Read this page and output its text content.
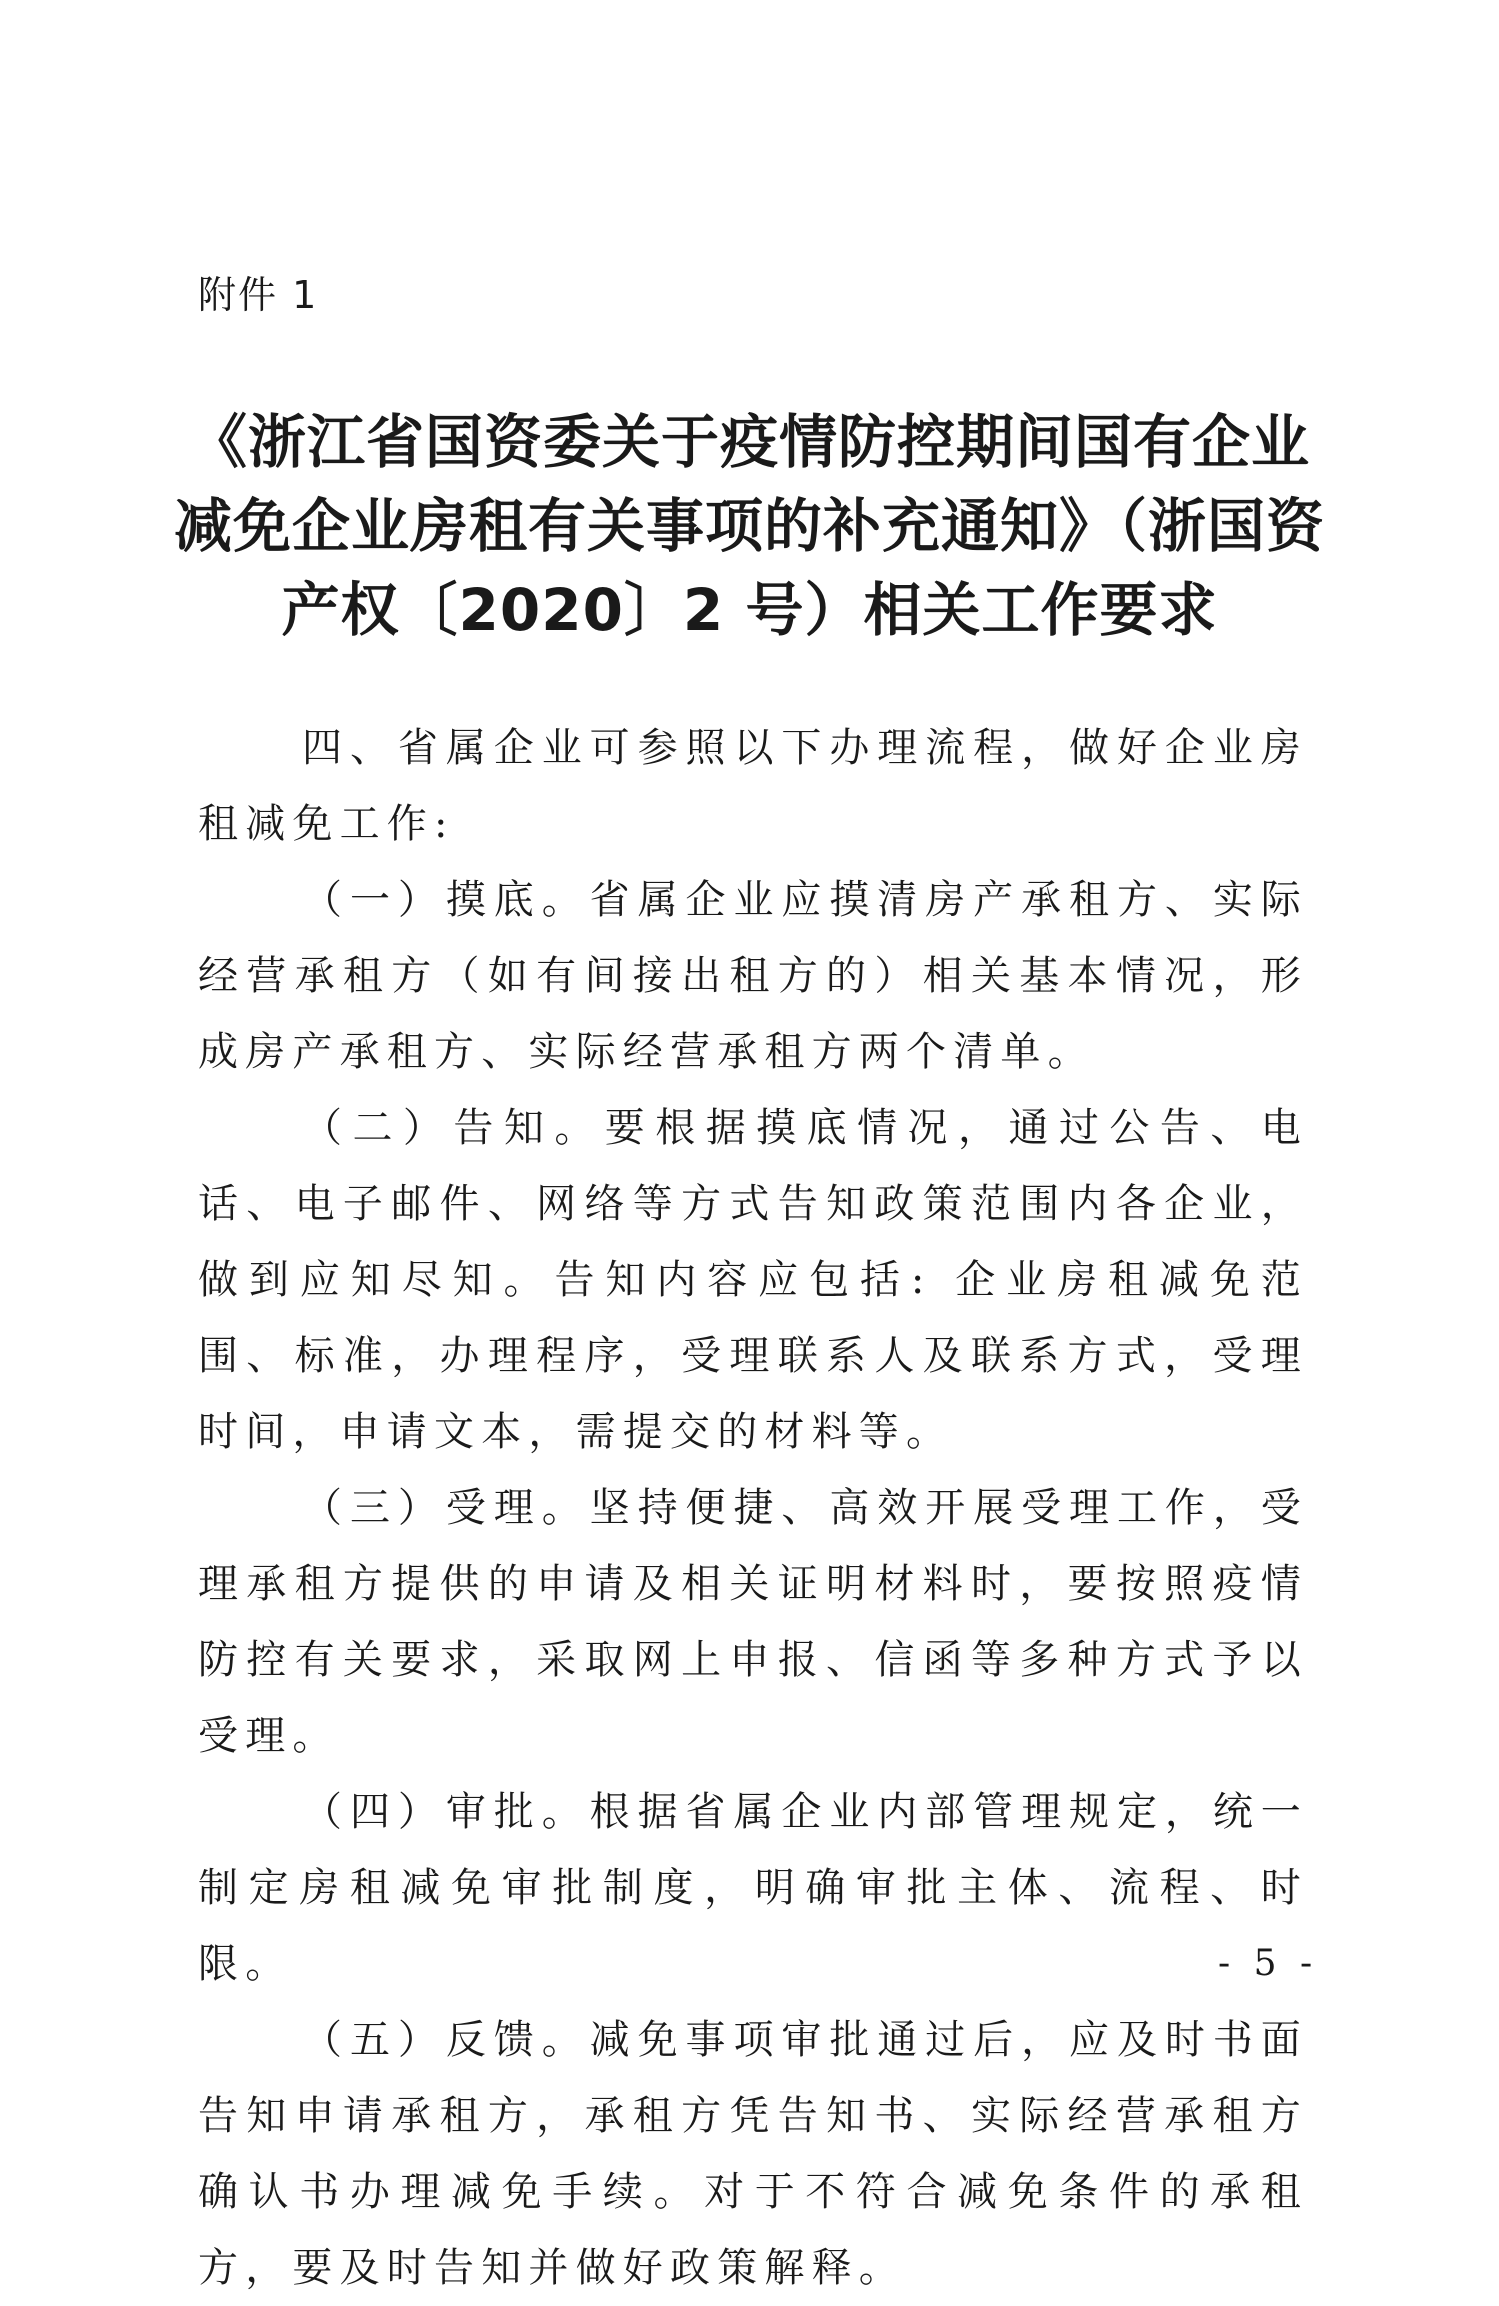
附件 1
《浙江省国资委关于疫情防控期间国有企业
减免企业房租有关事项的补充通知》（浙国资
产权〔2020〕2 号）相关工作要求

四、省属企业可参照以下办理流程，做好企业房租减免工作:

（一）摸底。省属企业应摸清房产承租方、实际经营承租方（如有间接出租方的）相关基本情况，形成房产承租方、实际经营承租方两个清单。

（二）告知。要根据摸底情况，通过公告、电话、电子邮件、网络等方式告知政策范围内各企业，做到应知尽知。告知内容应包括: 企业房租减免范围、标准，办理程序，受理联系人及联系方式，受理时间，申请文本，需提交的材料等。

（三）受理。坚持便捷、高效开展受理工作，受理承租方提供的申请及相关证明材料时，要按照疫情防控有关要求，采取网上申报、信函等多种方式予以受理。

（四）审批。根据省属企业内部管理规定，统一制定房租减免审批制度，明确审批主体、流程、时限。

（五）反馈。减免事项审批通过后，应及时书面告知申请承租方，承租方凭告知书、实际经营承租方确认书办理减免手续。对于不符合减免条件的承租方，要及时告知并做好政策解释。

- 5 -
